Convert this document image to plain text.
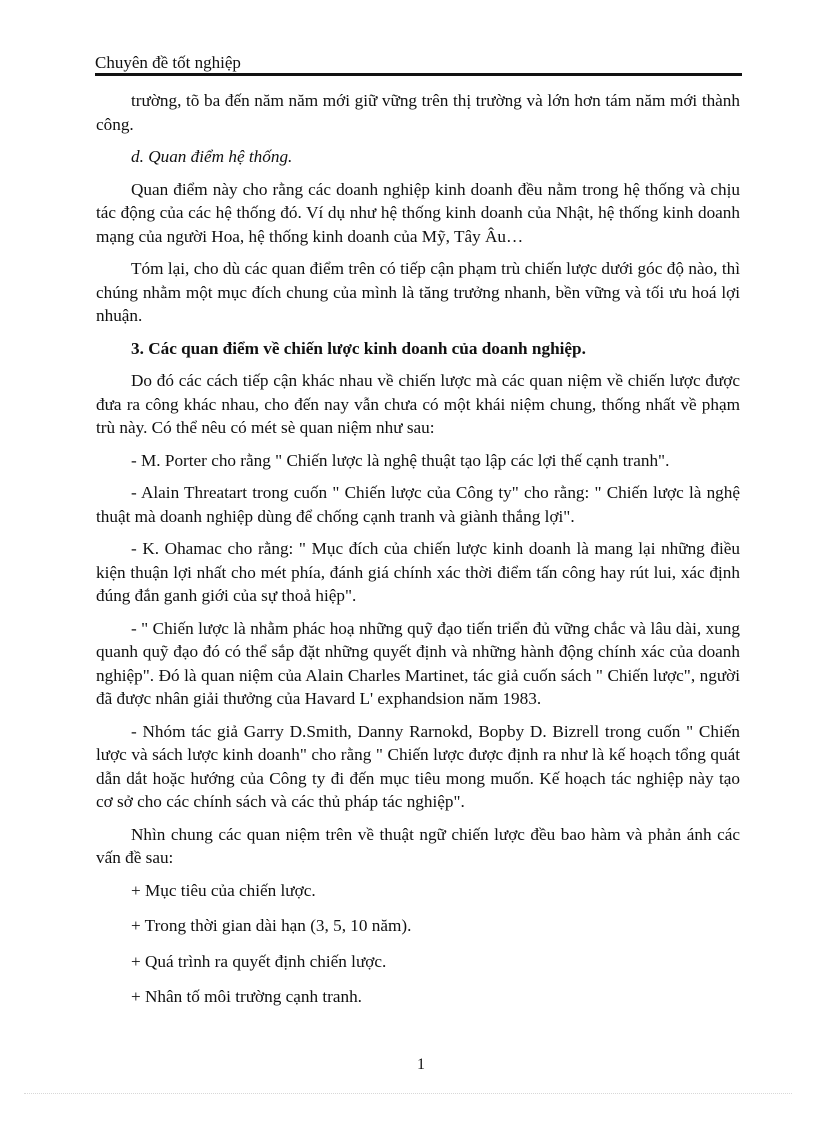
Chuyên đề tốt nghiệp

trường, tõ ba đến năm năm mới giữ vững trên thị trường và lớn hơn tám năm mới thành công.

d. Quan điểm hệ thống.

Quan điểm này cho rằng các doanh nghiệp kinh doanh đều nằm trong hệ thống và chịu tác động của các hệ thống đó. Ví dụ như hệ thống kinh doanh của Nhật, hệ thống kinh doanh mạng của người Hoa, hệ thống kinh doanh của Mỹ, Tây Âu…

Tóm lại, cho dù các quan điểm trên có tiếp cận phạm trù chiến lược dưới góc độ nào, thì chúng nhằm một mục đích chung của mình là tăng trưởng nhanh, bền vững và tối ưu hoá lợi nhuận.

3. Các quan điểm về chiến lược kinh doanh của doanh nghiệp.

Do đó các cách tiếp cận khác nhau về chiến lược mà các quan niệm về chiến lược được đưa ra công khác nhau, cho đến nay vẫn chưa có một khái niệm chung, thống nhất về phạm trù này. Có thể nêu có mét sè quan niệm như sau:

- M. Porter cho rằng " Chiến lược là nghệ thuật tạo lập các lợi thế cạnh tranh".

- Alain Threatart trong cuốn " Chiến lược của Công ty" cho rằng: " Chiến lược là nghệ thuật mà doanh nghiệp dùng để chống cạnh tranh và giành thắng lợi".

- K. Ohamac cho rằng: " Mục đích của chiến lược kinh doanh là mang lại những điều kiện thuận lợi nhất cho mét phía, đánh giá chính xác thời điểm tấn công hay rút lui, xác định đúng đắn ganh giới của sự thoả hiệp".

- " Chiến lược là nhằm phác hoạ những quỹ đạo tiến triển đủ vững chắc và lâu dài, xung quanh quỹ đạo đó có thể sắp đặt những quyết định và những hành động chính xác của doanh nghiệp". Đó là quan niệm của Alain Charles Martinet, tác giả cuốn sách " Chiến lược", người đã được nhân giải thưởng của Havard L' exphandsion năm 1983.

- Nhóm tác giả Garry D.Smith, Danny Rarnokd, Bopby D. Bizrell trong cuốn " Chiến lược và sách lược kinh doanh" cho rằng " Chiến lược được định ra như là kế hoạch tổng quát dẫn dắt hoặc hướng của Công ty đi đến mục tiêu mong muốn. Kế hoạch tác nghiệp này tạo cơ sở cho các chính sách và các thủ pháp tác nghiệp".

Nhìn chung các quan niệm trên về thuật ngữ chiến lược đều bao hàm và phản ánh các vấn đề sau:

+ Mục tiêu của chiến lược.

+ Trong thời gian dài hạn (3, 5, 10 năm).

+ Quá trình ra quyết định chiến lược.

+ Nhân tố môi trường cạnh tranh.

1
